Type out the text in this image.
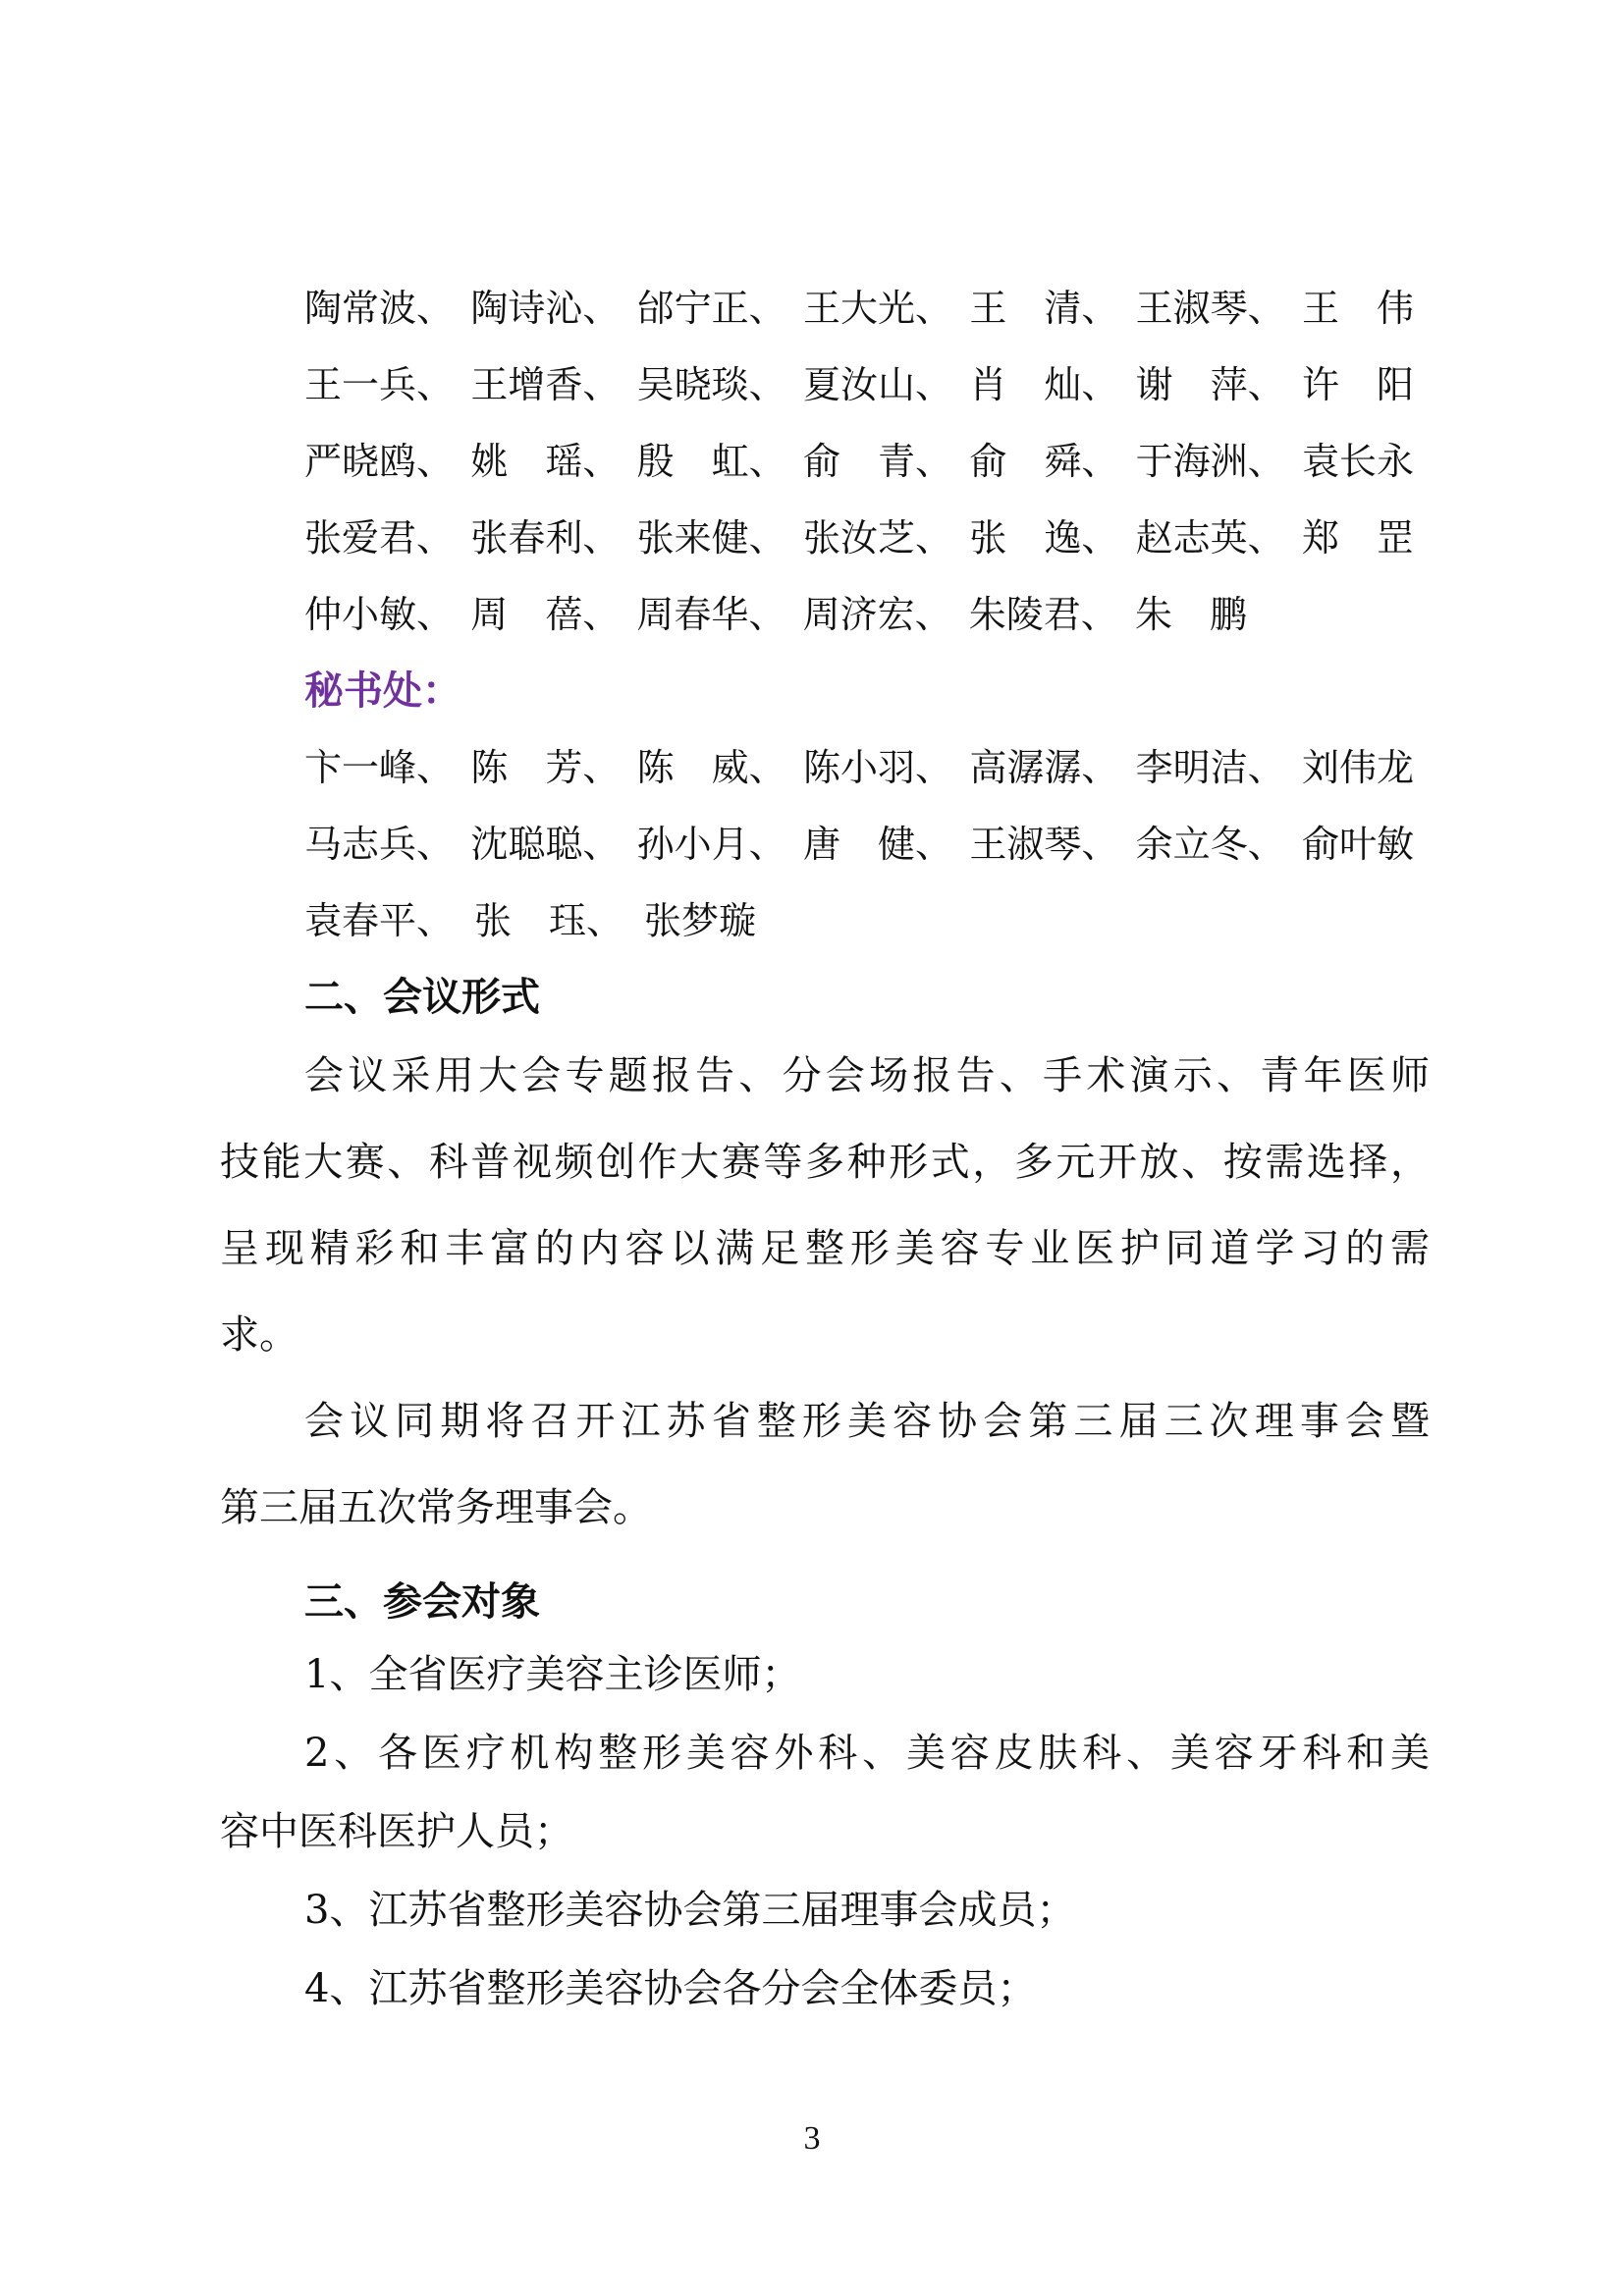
陶常波、 陶诗沁、 邰宁正、 王大光、 王　清、 王淑琴、 王　伟
王一兵、 王增香、 吴晓琰、 夏汝山、 肖　灿、 谢　萍、 许　阳
严晓鸥、 姚　瑶、 殷　虹、 俞　青、 俞　舜、 于海洲、 袁长永
张爱君、 张春利、 张来健、 张汝芝、 张　逸、 赵志英、 郑　罡
仲小敏、 周　蓓、 周春华、 周济宏、 朱陵君、 朱　鹏
秘书处：
卞一峰、 陈　芳、 陈　威、 陈小羽、 高潺潺、 李明洁、 刘伟龙
马志兵、 沈聪聪、 孙小月、 唐　健、 王淑琴、 余立冬、 俞叶敏
袁春平、 张　珏、 张梦璇
二、会议形式
会议采用大会专题报告、分会场报告、手术演示、青年医师
技能大赛、科普视频创作大赛等多种形式，多元开放、按需选择，
呈现精彩和丰富的内容以满足整形美容专业医护同道学习的需
求。
会议同期将召开江苏省整形美容协会第三届三次理事会暨
第三届五次常务理事会。
三、参会对象
1、全省医疗美容主诊医师；
2、各医疗机构整形美容外科、美容皮肤科、美容牙科和美
容中医科医护人员；
3、江苏省整形美容协会第三届理事会成员；
4、江苏省整形美容协会各分会全体委员；
3
